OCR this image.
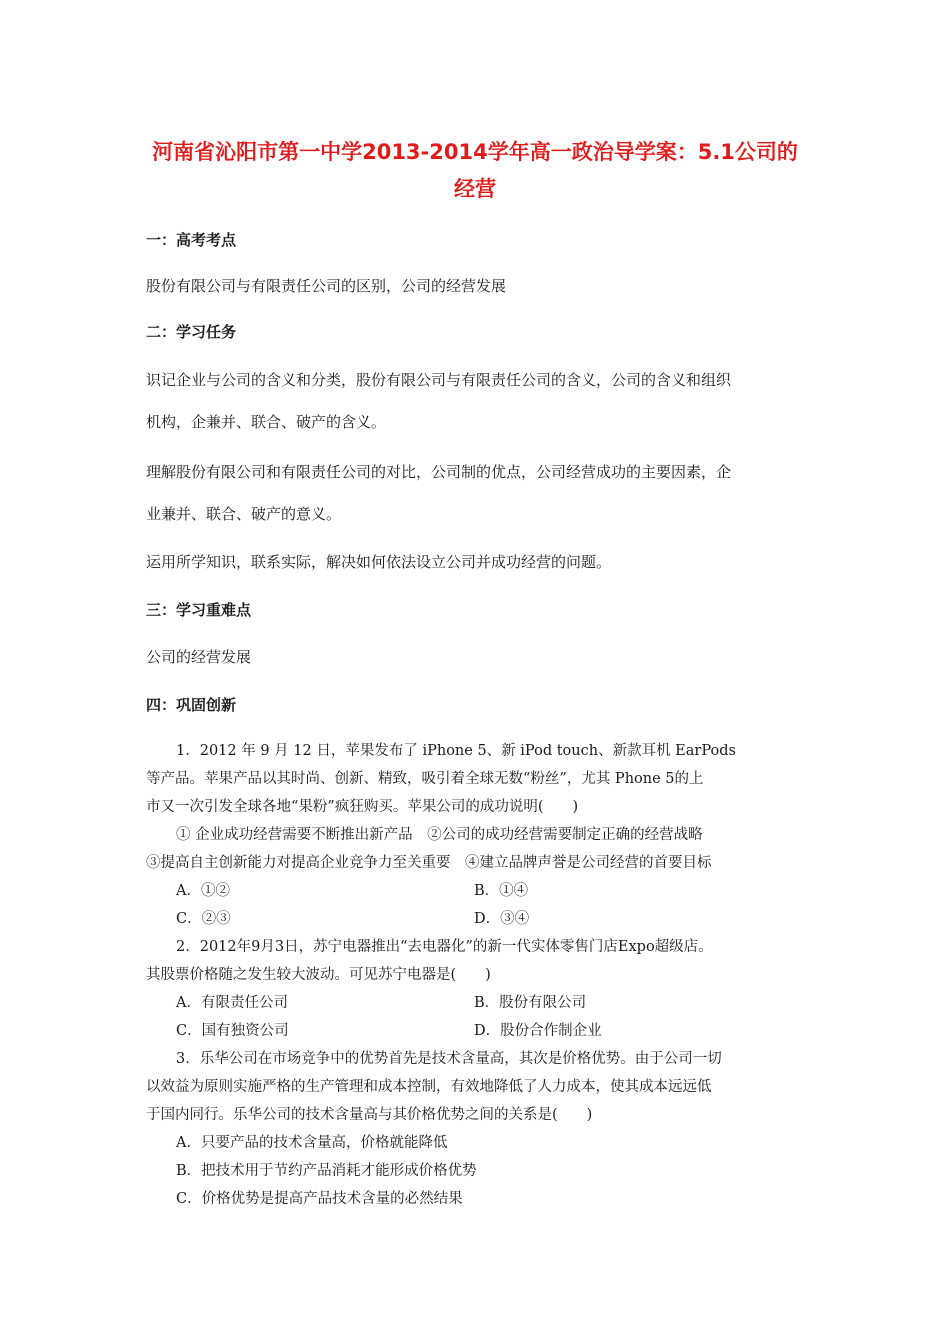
河南省沁阳市第一中学2013-2014学年高一政治导学案：5.1公司的
经营
一：高考考点
股份有限公司与有限责任公司的区别，公司的经营发展
二：学习任务
识记企业与公司的含义和分类，股份有限公司与有限责任公司的含义，公司的含义和组织
机构，企兼并、联合、破产的含义。
理解股份有限公司和有限责任公司的对比，公司制的优点，公司经营成功的主要因素，企
业兼并、联合、破产的意义。
运用所学知识，联系实际，解决如何依法设立公司并成功经营的问题。
三：学习重难点
公司的经营发展
四：巩固创新
1．2012 年 9 月 12 日，苹果发布了 iPhone 5、新 iPod touch、新款耳机 EarPods
等产品。苹果产品以其时尚、创新、精致，吸引着全球无数“粉丝”，尤其 Phone 5的上
市又一次引发全球各地“果粉”疯狂购买。苹果公司的成功说明(　　)
① 企业成功经营需要不断推出新产品　②公司的成功经营需要制定正确的经营战略
③提高自主创新能力对提高企业竞争力至关重要　④建立品牌声誉是公司经营的首要目标
A．①②	B．①④
C．②③	D．③④
2．2012年9月3日，苏宁电器推出“去电器化”的新一代实体零售门店Expo超级店。
其股票价格随之发生较大波动。可见苏宁电器是(　　)
A．有限责任公司	B．股份有限公司
C．国有独资公司	D．股份合作制企业
3．乐华公司在市场竞争中的优势首先是技术含量高，其次是价格优势。由于公司一切
以效益为原则实施严格的生产管理和成本控制，有效地降低了人力成本，使其成本远远低
于国内同行。乐华公司的技术含量高与其价格优势之间的关系是(　　)
A．只要产品的技术含量高，价格就能降低
B．把技术用于节约产品消耗才能形成价格优势
C．价格优势是提高产品技术含量的必然结果
